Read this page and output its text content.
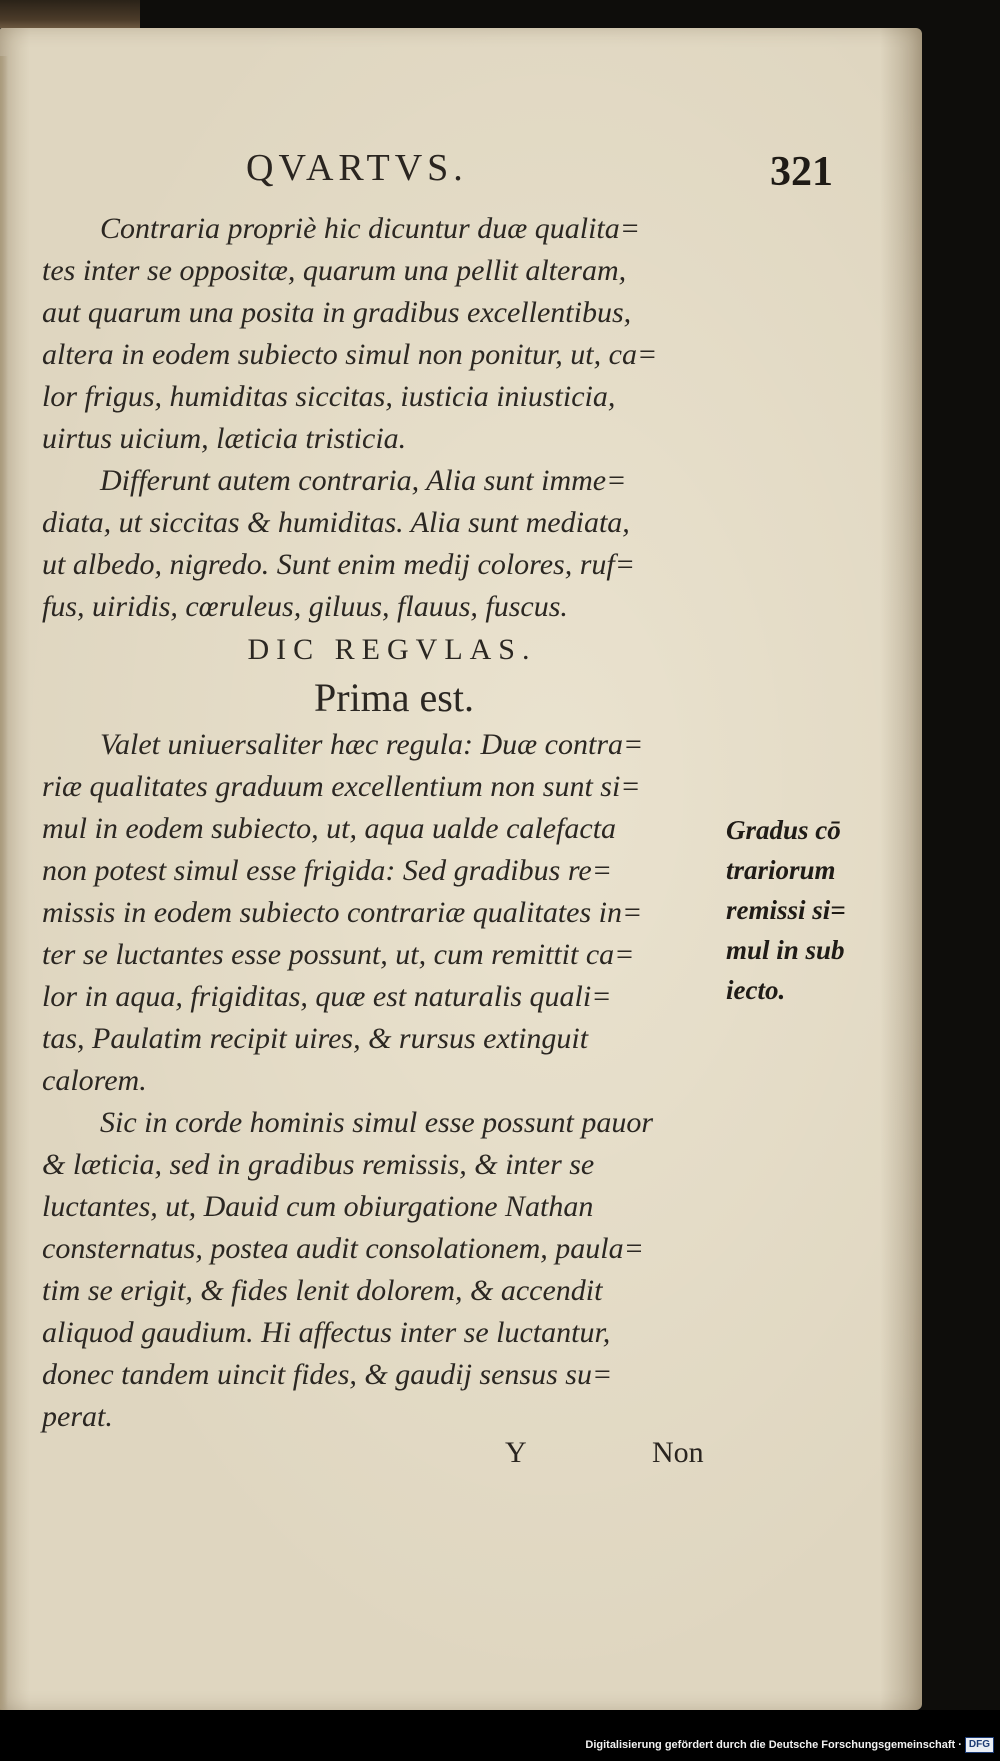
QVARTVS.	321
Contraria propriè hic dicuntur duæ qualita=
tes inter se oppositæ, quarum una pellit alteram,
aut quarum una posita in gradibus excellentibus,
altera in eodem subiecto simul non ponitur, ut, ca=
lor frigus, humiditas siccitas, iusticia iniusticia,
uirtus uicium, læticia tristicia.
Differunt autem contraria, Alia sunt imme=
diata, ut siccitas & humiditas. Alia sunt mediata,
ut albedo, nigredo. Sunt enim medij colores, ruf=
fus, uiridis, cœruleus, giluus, flauus, fuscus.
DIC REGVLAS.
Prima est.
Valet uniuersaliter hæc regula: Duæ contra=
riæ qualitates graduum excellentium non sunt si=
mul in eodem subiecto, ut, aqua ualde calefacta
non potest simul esse frigida: Sed gradibus re=
missis in eodem subiecto contrariæ qualitates in=
ter se luctantes esse possunt, ut, cum remittit ca=
lor in aqua, frigiditas, quæ est naturalis quali=
tas, Paulatim recipit uires, & rursus extinguit
calorem.
Sic in corde hominis simul esse possunt pauor
& læticia, sed in gradibus remissis, & inter se
luctantes, ut, Dauid cum obiurgatione Nathan
consternatus, postea audit consolationem, paula=
tim se erigit, & fides lenit dolorem, & accendit
aliquod gaudium. Hi affectus inter se luctantur,
donec tandem uincit fides, & gaudij sensus su=
perat.
Gradus cō
trariorum
remissi si=
mul in sub
iecto.
Y	Non
Digitalisierung gefördert durch die Deutsche Forschungsgemeinschaft · DFG
